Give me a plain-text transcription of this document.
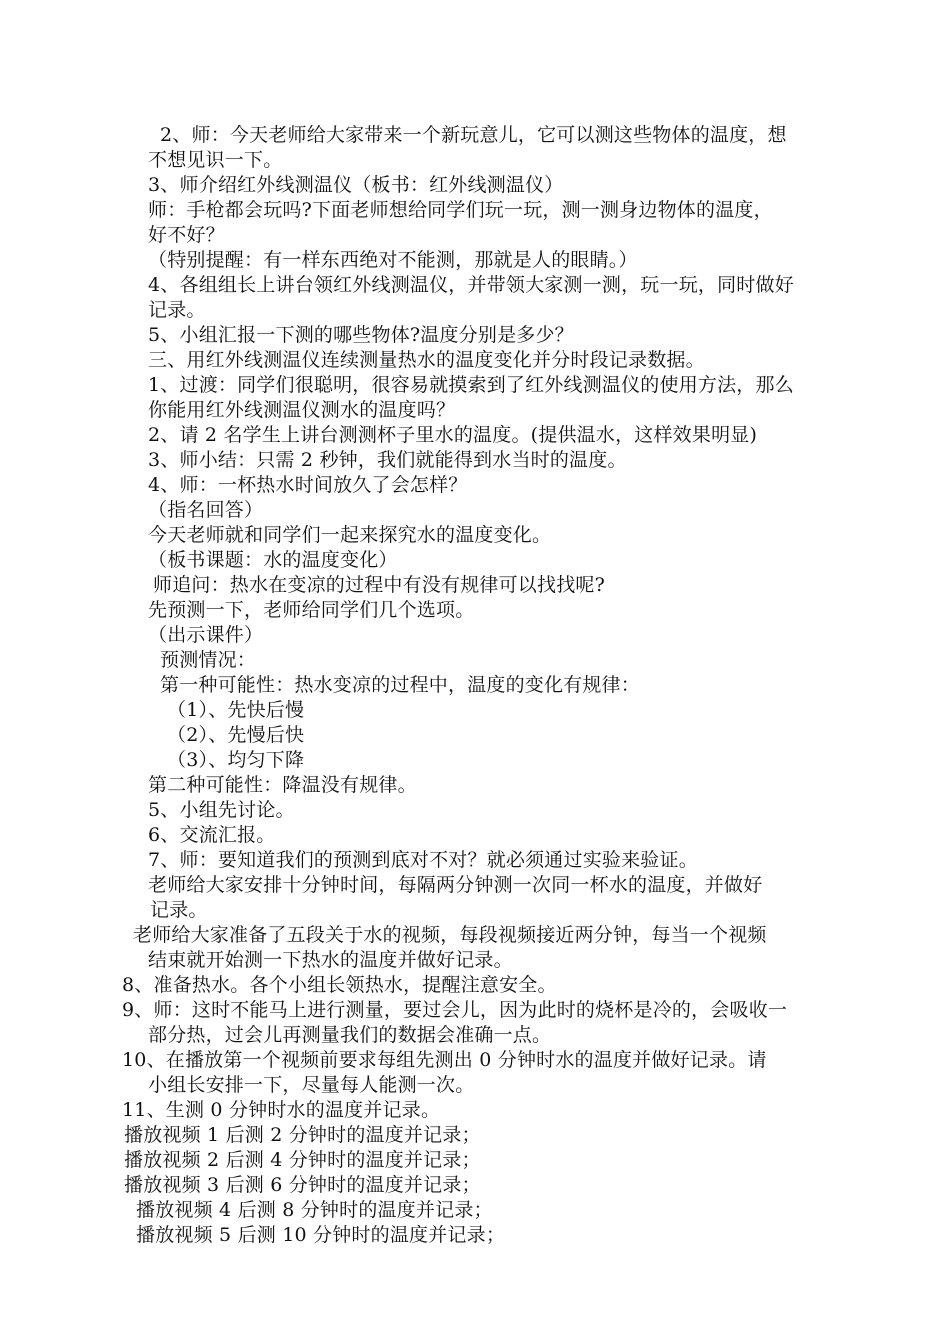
2、师：今天老师给大家带来一个新玩意儿，它可以测这些物体的温度，想
不想见识一下。
3、师介绍红外线测温仪（板书：红外线测温仪）
师：手枪都会玩吗?下面老师想给同学们玩一玩，测一测身边物体的温度，
好不好？
（特别提醒：有一样东西绝对不能测，那就是人的眼睛。）
4、各组组长上讲台领红外线测温仪，并带领大家测一测，玩一玩，同时做好
记录。
5、小组汇报一下测的哪些物体?温度分别是多少？
三、用红外线测温仪连续测量热水的温度变化并分时段记录数据。
1、过渡：同学们很聪明，很容易就摸索到了红外线测温仪的使用方法，那么
你能用红外线测温仪测水的温度吗？
2、请 2 名学生上讲台测测杯子里水的温度。(提供温水，这样效果明显)
3、师小结：只需 2 秒钟，我们就能得到水当时的温度。
4、师：一杯热水时间放久了会怎样？
（指名回答）
今天老师就和同学们一起来探究水的温度变化。
（板书课题：水的温度变化）
师追问：热水在变凉的过程中有没有规律可以找找呢?
先预测一下，老师给同学们几个选项。
（出示课件）
预测情况：
第一种可能性：热水变凉的过程中，温度的变化有规律：
（1）、先快后慢
（2）、先慢后快
（3）、均匀下降
第二种可能性：降温没有规律。
5、小组先讨论。
6、交流汇报。
7、师：要知道我们的预测到底对不对？就必须通过实验来验证。
老师给大家安排十分钟时间，每隔两分钟测一次同一杯水的温度，并做好
记录。
老师给大家准备了五段关于水的视频，每段视频接近两分钟，每当一个视频
结束就开始测一下热水的温度并做好记录。
8、准备热水。各个小组长领热水，提醒注意安全。
9、师：这时不能马上进行测量，要过会儿，因为此时的烧杯是冷的，会吸收一
部分热，过会儿再测量我们的数据会准确一点。
10、在播放第一个视频前要求每组先测出 0 分钟时水的温度并做好记录。请
小组长安排一下，尽量每人能测一次。
11、生测 0 分钟时水的温度并记录。
播放视频 1 后测 2 分钟时的温度并记录；
播放视频 2 后测 4 分钟时的温度并记录；
播放视频 3 后测 6 分钟时的温度并记录；
播放视频 4 后测 8 分钟时的温度并记录；
播放视频 5 后测 10 分钟时的温度并记录；
